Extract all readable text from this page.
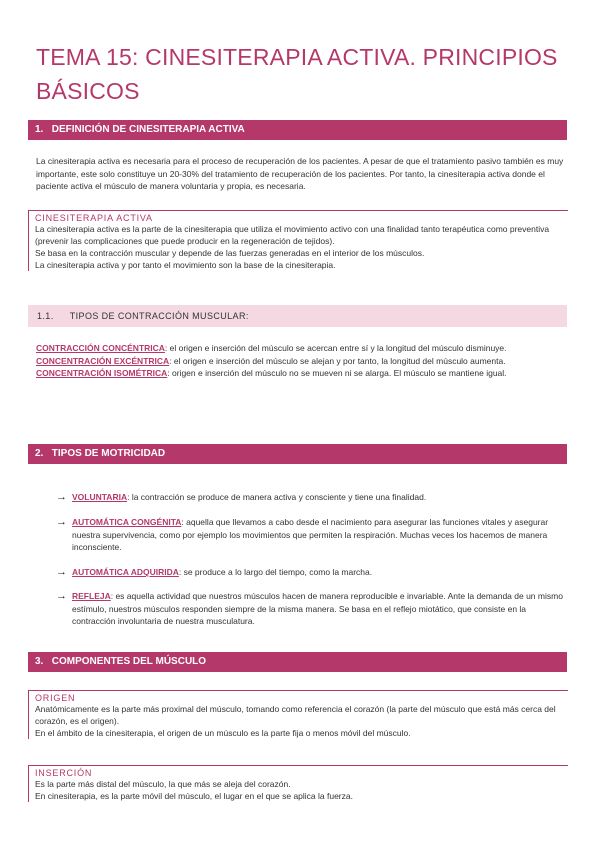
TEMA 15: CINESITERAPIA ACTIVA. PRINCIPIOS BÁSICOS
1. DEFINICIÓN DE CINESITERAPIA ACTIVA

La cinesiterapia activa es necesaria para el proceso de recuperación de los pacientes. A pesar de que el tratamiento pasivo también es muy importante, este solo constituye un 20-30% del tratamiento de recuperación de los pacientes. Por tanto, la cinesiterapia activa donde el paciente activa el músculo de manera voluntaria y propia, es necesaria.

CINESITERAPIA ACTIVA

La cinesiterapia activa es la parte de la cinesiterapia que utiliza el movimiento activo con una finalidad tanto terapéutica como preventiva (prevenir las complicaciones que puede producir en la regeneración de tejidos).

Se basa en la contracción muscular y depende de las fuerzas generadas en el interior de los músculos.

La cinesiterapia activa y por tanto el movimiento son la base de la cinesiterapia.

1.1. TIPOS DE CONTRACCIÓN MUSCULAR:

CONTRACCIÓN CONCÉNTRICA: el origen e inserción del músculo se acercan entre sí y la longitud del músculo disminuye.

CONCENTRACIÓN EXCÉNTRICA: el origen e inserción del músculo se alejan y por tanto, la longitud del músculo aumenta.

CONCENTRACIÓN ISOMÉTRICA: origen e inserción del músculo no se mueven ni se alarga. El músculo se mantiene igual.

2. TIPOS DE MOTRICIDAD
→ VOLUNTARIA: la contracción se produce de manera activa y consciente y tiene una finalidad.
→ AUTOMÁTICA CONGÉNITA: aquella que llevamos a cabo desde el nacimiento para asegurar las funciones vitales y asegurar nuestra supervivencia, como por ejemplo los movimientos que permiten la respiración. Muchas veces los hacemos de manera inconsciente.
→ AUTOMÁTICA ADQUIRIDA: se produce a lo largo del tiempo, como la marcha.
→ REFLEJA: es aquella actividad que nuestros músculos hacen de manera reproducible e invariable. Ante la demanda de un mismo estímulo, nuestros músculos responden siempre de la misma manera. Se basa en el reflejo miotático, que consiste en la contracción involuntaria de nuestra musculatura.
3. COMPONENTES DEL MÚSCULO
ORIGEN

Anatómicamente es la parte más proximal del músculo, tomando como referencia el corazón (la parte del músculo que está más cerca del corazón, es el origen).

En el ámbito de la cinesiterapia, el origen de un músculo es la parte fija o menos móvil del músculo.

INSERCIÓN

Es la parte más distal del músculo, la que más se aleja del corazón.

En cinesiterapia, es la parte móvil del músculo, el lugar en el que se aplica la fuerza.
